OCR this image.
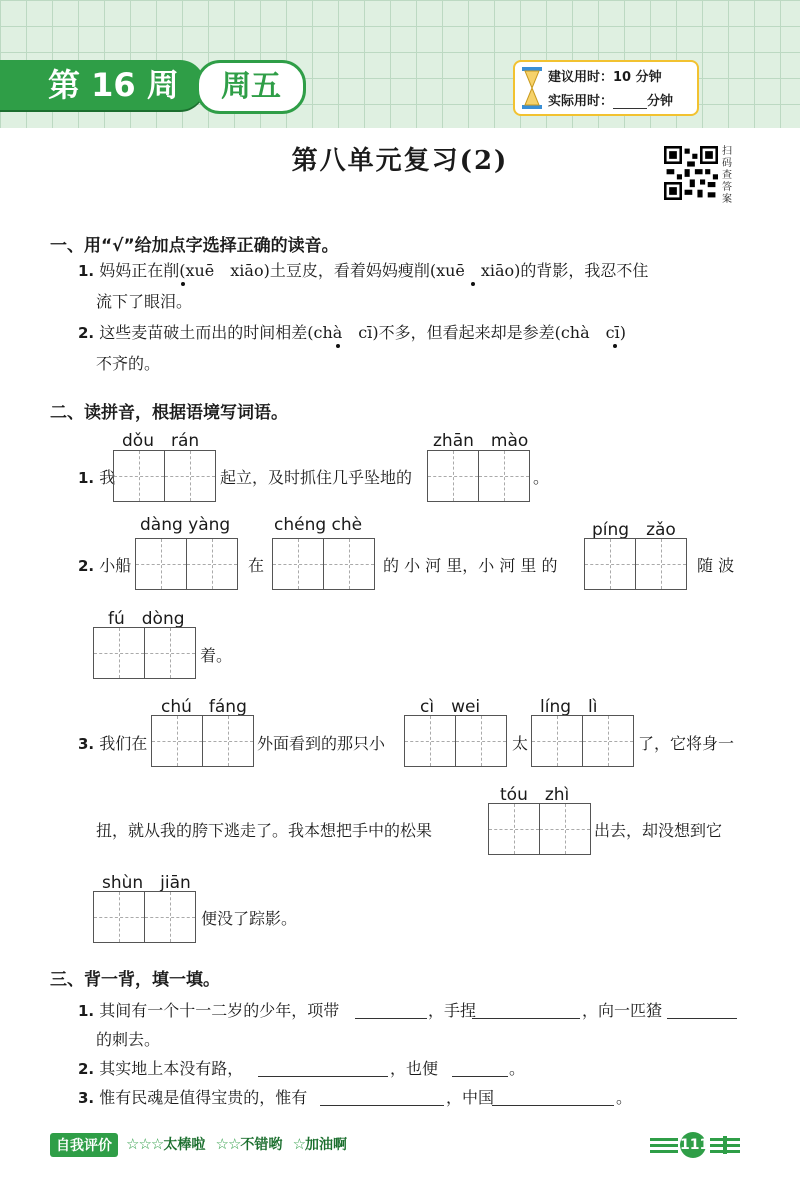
第 16 周	周五	建议用时：10 分钟
实际用时：	分钟
第八单元复习(2)	扫码查答案
一、用“√”给加点字选择正确的读音。
1. 妈妈正在削(xuē　xiāo)土豆皮，看着妈妈瘦削(xuē　xiāo)的背影，我忍不住
流下了眼泪。
2. 这些麦苗破土而出的时间相差(chà　cī)不多，但看起来却是参差(chà　cī)
不齐的。
二、读拼音，根据语境写词语。
dǒu　rán	zhān　mào
1. 我	起立，及时抓住几乎坠地的	。
dàng yàng	chéng chè	píng　zǎo
2. 小船	在	的 小 河 里，小 河 里 的	随 波
fú　dòng
着。
chú　fáng	cì　wei	líng　lì
3. 我们在	外面看到的那只小	太	了，它将身一
tóu　zhì
扭，就从我的胯下逃走了。我本想把手中的松果	出去，却没想到它
shùn　jiān
便没了踪影。
三、背一背，填一填。
1. 其间有一个十一二岁的少年，项带	，手捏	，向一匹猹
的刺去。
2. 其实地上本没有路，	，也便	。
3. 惟有民魂是值得宝贵的，惟有	，中国	。
自我评价 ☆☆☆太棒啦 ☆☆不错哟 ☆加油啊	111
